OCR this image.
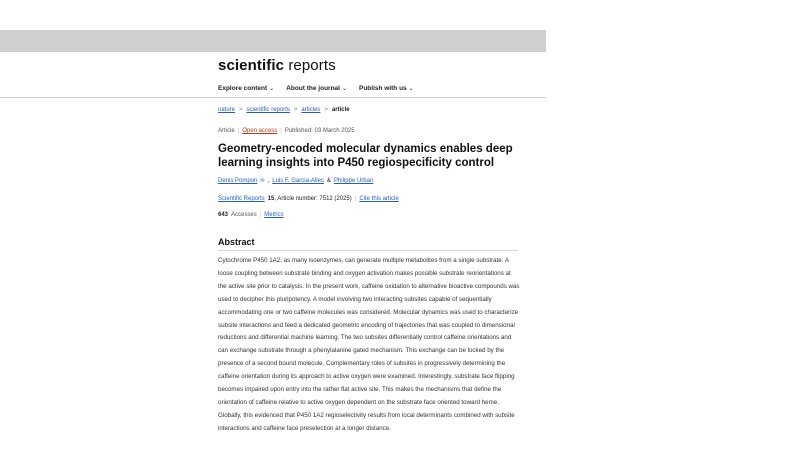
scientific reports
Explore content ⌄ About the journal ⌄ Publish with us ⌄
nature > scientific reports > articles > article
Article | Open access | Published: 03 March 2025
Geometry-encoded molecular dynamics enables deep learning insights into P450 regiospecificity control
Denis Pompon ✉ , Luis F. Garcia-Alles & Philippe Urban
Scientific Reports 15, Article number: 7512 (2025) | Cite this article
643 Accesses | Metrics
Abstract
Cytochrome P450 1A2, as many isoenzymes, can generate multiple metabolites from a single substrate. A loose coupling between substrate binding and oxygen activation makes possible substrate reorientations at the active site prior to catalysis. In the present work, caffeine oxidation to alternative bioactive compounds was used to decipher this pluripotency. A model involving two interacting subsites capable of sequentially accommodating one or two caffeine molecules was considered. Molecular dynamics was used to characterize subsite interactions and feed a dedicated geometric encoding of trajectories that was coupled to dimensional reductions and differential machine learning. The two subsites differentially control caffeine orientations and can exchange substrate through a phenylalanine gated mechanism. This exchange can be locked by the presence of a second bound molecule. Complementary roles of subsites in progressively determining the caffeine orientation during its approach to active oxygen were examined. Interestingly, substrate face flipping becomes impaired upon entry into the rather flat active site. This makes the mechanisms that define the orientation of caffeine relative to active oxygen dependent on the substrate face oriented toward heme. Globally, this evidenced that P450 1A2 regioselectivity results from local determinants combined with subsite interactions and caffeine face preselection at a longer distance.
